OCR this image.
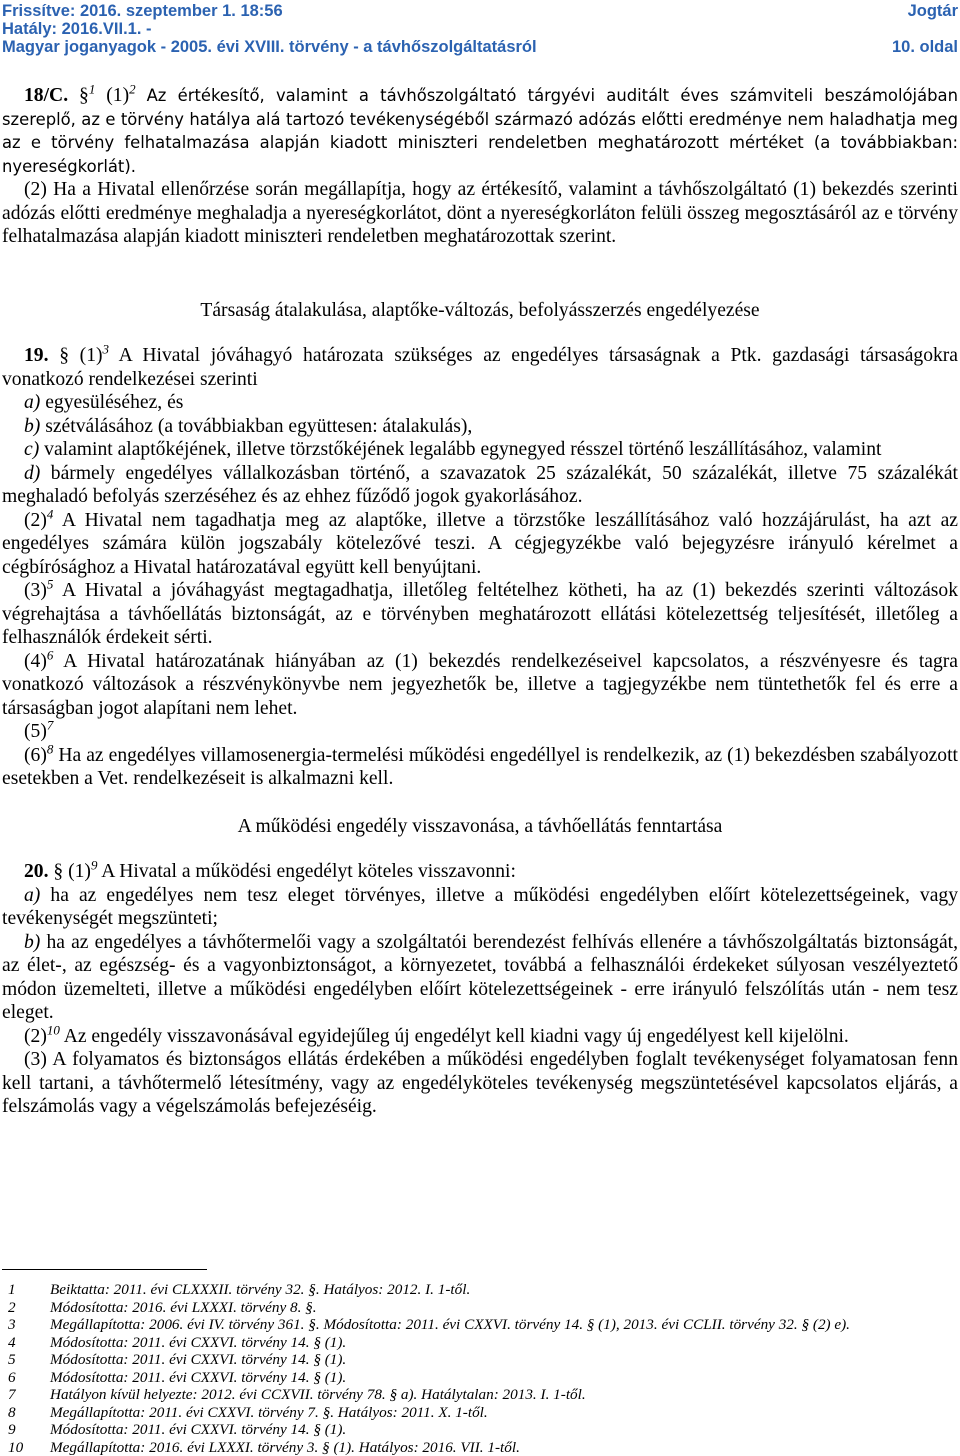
Frissítve: 2016. szeptember 1. 18:56	Jogtár
Hatály: 2016.VII.1. -
Magyar joganyagok - 2005. évi XVIII. törvény - a távhőszolgáltatásról	10. oldal

18/C. §$^1$ $(1)^2$ Az értékesítő, valamint a távhőszolgáltató tárgyévi auditált éves számviteli beszámolójában szereplő, az e törvény hatálya alá tartozó tevékenységéből származó adózás előtti eredménye nem haladhatja meg az e törvény felhatalmazása alapján kiadott miniszteri rendeletben meghatározott mértéket (a továbbiakban: nyereségkorlát).

(2) Ha a Hivatal ellenőrzése során megállapítja, hogy az értékesítő, valamint a távhőszolgáltató (1) bekezdés szerinti adózás előtti eredménye meghaladja a nyereségkorlátot, dönt a nyereségkorláton felüli összeg megosztásáról az e törvény felhatalmazása alapján kiadott miniszteri rendeletben meghatározottak szerint.

Társaság átalakulása, alaptőke-változás, befolyásszerzés engedélyezése

19. § $(1)^3$ A Hivatal jóváhagyó határozata szükséges az engedélyes társaságnak a Ptk. gazdasági társaságokra vonatkozó rendelkezései szerinti

a) egyesüléséhez, és

b) szétválásához (a továbbiakban együttesen: átalakulás),

c) valamint alaptőkéjének, illetve törzstőkéjének legalább egynegyed résszel történő leszállításához, valamint

d) bármely engedélyes vállalkozásban történő, a szavazatok 25 százalékát, 50 százalékát, illetve 75 százalékát meghaladó befolyás szerzéséhez és az ehhez fűződő jogok gyakorlásához.

$(2)^4$ A Hivatal nem tagadhatja meg az alaptőke, illetve a törzstőke leszállításához való hozzájárulást, ha azt az engedélyes számára külön jogszabály kötelezővé teszi. A cégjegyzékbe való bejegyzésre irányuló kérelmet a cégbírósághoz a Hivatal határozatával együtt kell benyújtani.

$(3)^5$ A Hivatal a jóváhagyást megtagadhatja, illetőleg feltételhez kötheti, ha az (1) bekezdés szerinti változások végrehajtása a távhőellátás biztonságát, az e törvényben meghatározott ellátási kötelezettség teljesítését, illetőleg a felhasználók érdekeit sérti.

$(4)^6$ A Hivatal határozatának hiányában az (1) bekezdés rendelkezéseivel kapcsolatos, a részvényesre és tagra vonatkozó változások a részvénykönyvbe nem jegyezhetők be, illetve a tagjegyzékbe nem tüntethetők fel és erre a társaságban jogot alapítani nem lehet.

$(5)^7$

$(6)^8$ Ha az engedélyes villamosenergia-termelési működési engedéllyel is rendelkezik, az (1) bekezdésben szabályozott esetekben a Vet. rendelkezéseit is alkalmazni kell.

A működési engedély visszavonása, a távhőellátás fenntartása

20. § $(1)^9$ A Hivatal a működési engedélyt köteles visszavonni:

a) ha az engedélyes nem tesz eleget törvényes, illetve a működési engedélyben előírt kötelezettségeinek, vagy tevékenységét megszünteti;

b) ha az engedélyes a távhőtermelői vagy a szolgáltatói berendezést felhívás ellenére a távhőszolgáltatás biztonságát, az élet-, az egészség- és a vagyonbiztonságot, a környezetet, továbbá a felhasználói érdekeket súlyosan veszélyeztető módon üzemelteti, illetve a működési engedélyben előírt kötelezettségeinek - erre irányuló felszólítás után - nem tesz eleget.

$(2)^{10}$ Az engedély visszavonásával egyidejűleg új engedélyt kell kiadni vagy új engedélyest kell kijelölni.

(3) A folyamatos és biztonságos ellátás érdekében a működési engedélyben foglalt tevékenységet folyamatosan fenn kell tartani, a távhőtermelő létesítmény, vagy az engedélyköteles tevékenység megszüntetésével kapcsolatos eljárás, a felszámolás vagy a végelszámolás befejezéséig.

1	Beiktatta: 2011. évi CLXXXII. törvény 32. §. Hatályos: 2012. I. 1-től.
2	Módosította: 2016. évi LXXXI. törvény 8. §.
3	Megállapította: 2006. évi IV. törvény 361. §. Módosította: 2011. évi CXXVI. törvény 14. § (1), 2013. évi CCLII. törvény 32. § (2) e).
4	Módosította: 2011. évi CXXVI. törvény 14. § (1).
5	Módosította: 2011. évi CXXVI. törvény 14. § (1).
6	Módosította: 2011. évi CXXVI. törvény 14. § (1).
7	Hatályon kívül helyezte: 2012. évi CCXVII. törvény 78. § a). Hatálytalan: 2013. I. 1-től.
8	Megállapította: 2011. évi CXXVI. törvény 7. §. Hatályos: 2011. X. 1-től.
9	Módosította: 2011. évi CXXVI. törvény 14. § (1).
10	Megállapította: 2016. évi LXXXI. törvény 3. § (1). Hatályos: 2016. VII. 1-től.
